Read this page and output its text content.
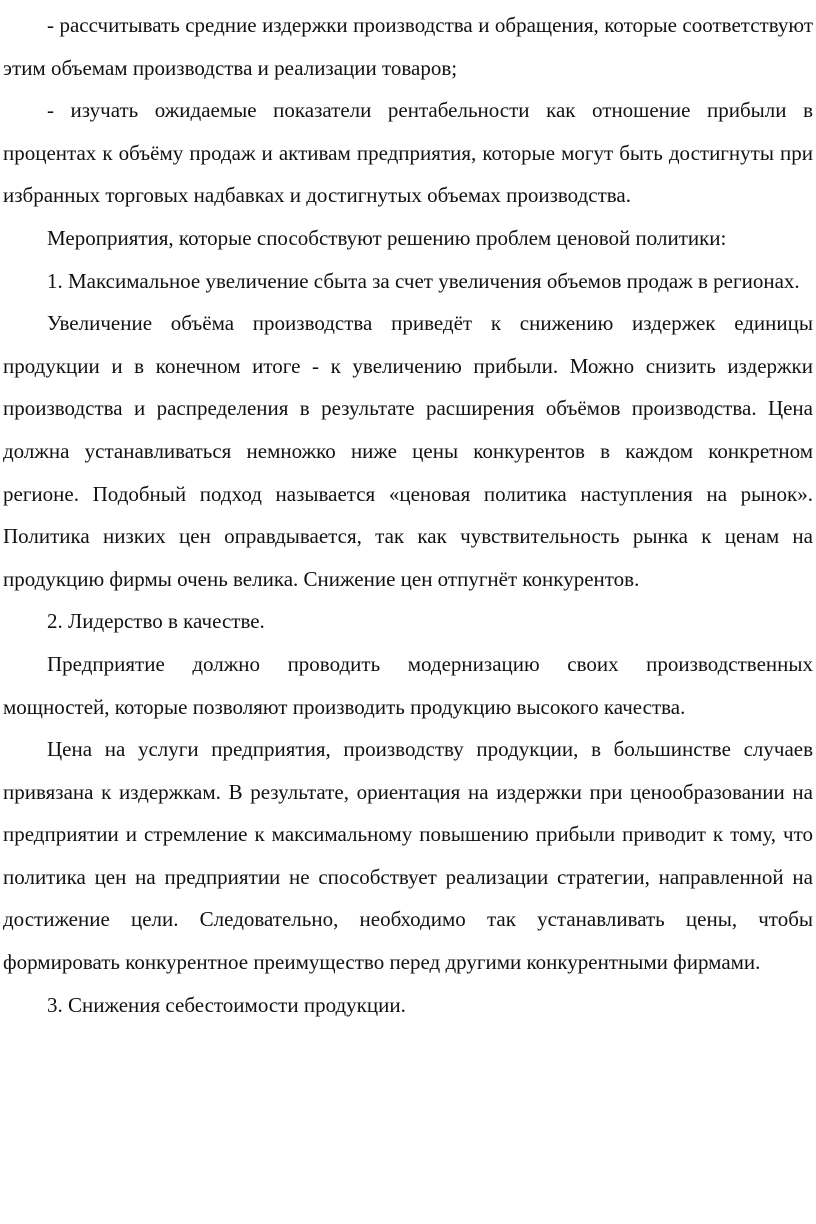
- рассчитывать средние издержки производства и обращения, которые соответствуют этим объемам производства и реализации товаров;

- изучать ожидаемые показатели рентабельности как отношение прибыли в процентах к объёму продаж и активам предприятия, которые могут быть достигнуты при избранных торговых надбавках и достигнутых объемах производства.

Мероприятия, которые способствуют решению проблем ценовой политики:

1. Максимальное увеличение сбыта за счет увеличения объемов продаж в регионах.

Увеличение объёма производства приведёт к снижению издержек единицы продукции и в конечном итоге - к увеличению прибыли. Можно снизить издержки производства и распределения в результате расширения объёмов производства. Цена должна устанавливаться немножко ниже цены конкурентов в каждом конкретном регионе. Подобный подход называется «ценовая политика наступления на рынок». Политика низких цен оправдывается, так как чувствительность рынка к ценам на продукцию фирмы очень велика. Снижение цен отпугнёт конкурентов.

2. Лидерство в качестве.

Предприятие должно проводить модернизацию своих производственных мощностей, которые позволяют производить продукцию высокого качества.

Цена на услуги предприятия, производству продукции, в большинстве случаев привязана к издержкам. В результате, ориентация на издержки при ценообразовании на предприятии и стремление к максимальному повышению прибыли приводит к тому, что политика цен на предприятии не способствует реализации стратегии, направленной на достижение цели. Следовательно, необходимо так устанавливать цены, чтобы формировать конкурентное преимущество перед другими конкурентными фирмами.

3. Снижения себестоимости продукции.
